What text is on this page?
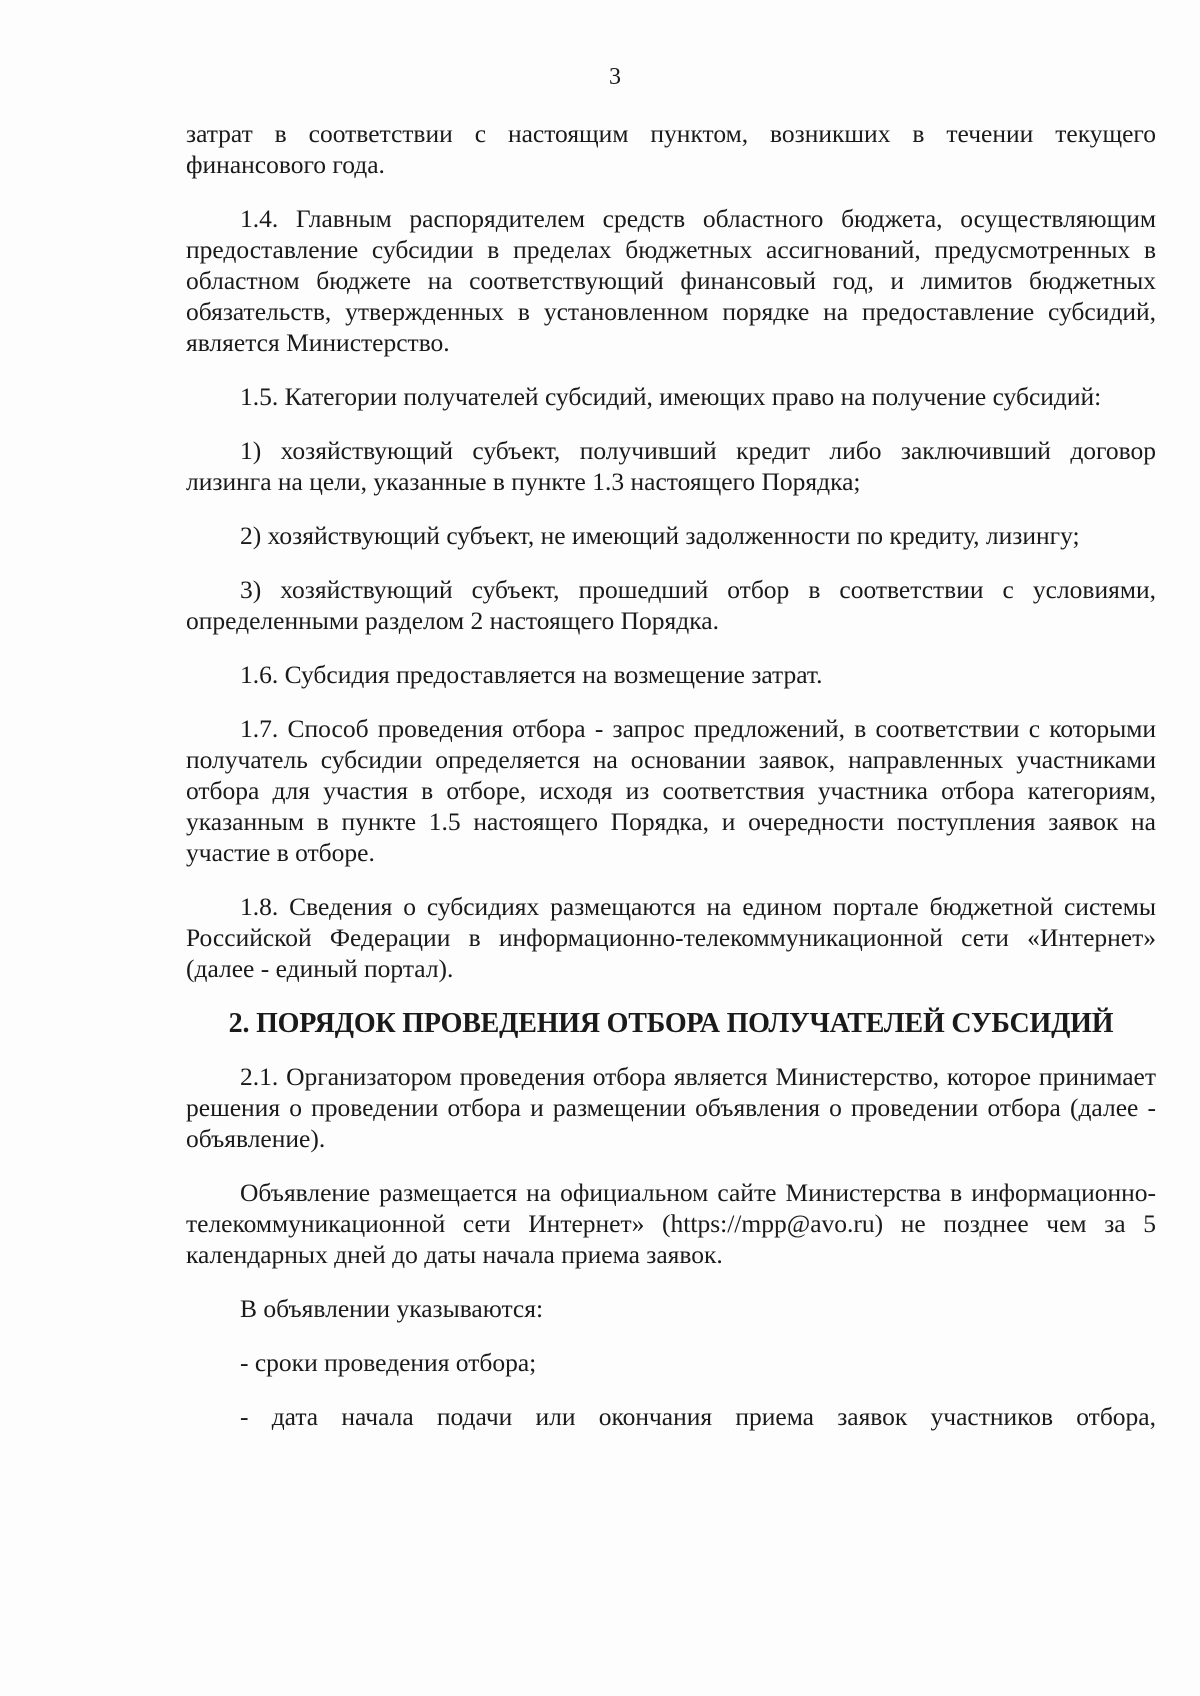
3

затрат в соответствии с настоящим пунктом, возникших в течении текущего финансового года.

1.4. Главным распорядителем средств областного бюджета, осуществляющим предоставление субсидии в пределах бюджетных ассигнований, предусмотренных в областном бюджете на соответствующий финансовый год, и лимитов бюджетных обязательств, утвержденных в установленном порядке на предоставление субсидий, является Министерство.

1.5. Категории получателей субсидий, имеющих право на получение субсидий:

1) хозяйствующий субъект, получивший кредит либо заключивший договор лизинга на цели, указанные в пункте 1.3 настоящего Порядка;

2) хозяйствующий субъект, не имеющий задолженности по кредиту, лизингу;

3) хозяйствующий субъект, прошедший отбор в соответствии с условиями, определенными разделом 2 настоящего Порядка.

1.6. Субсидия предоставляется на возмещение затрат.

1.7. Способ проведения отбора - запрос предложений, в соответствии с которыми получатель субсидии определяется на основании заявок, направленных участниками отбора для участия в отборе, исходя из соответствия участника отбора категориям, указанным в пункте 1.5 настоящего Порядка, и очередности поступления заявок на участие в отборе.

1.8. Сведения о субсидиях размещаются на едином портале бюджетной системы Российской Федерации в информационно-телекоммуникационной сети «Интернет» (далее - единый портал).

2. ПОРЯДОК ПРОВЕДЕНИЯ ОТБОРА ПОЛУЧАТЕЛЕЙ СУБСИДИЙ

2.1. Организатором проведения отбора является Министерство, которое принимает решения о проведении отбора и размещении объявления о проведении отбора (далее - объявление).

Объявление размещается на официальном сайте Министерства в информационно-телекоммуникационной сети Интернет» (https://mpp@avo.ru) не позднее чем за 5 календарных дней до даты начала приема заявок.

В объявлении указываются:

- сроки проведения отбора;

- дата начала подачи или окончания приема заявок участников отбора,
